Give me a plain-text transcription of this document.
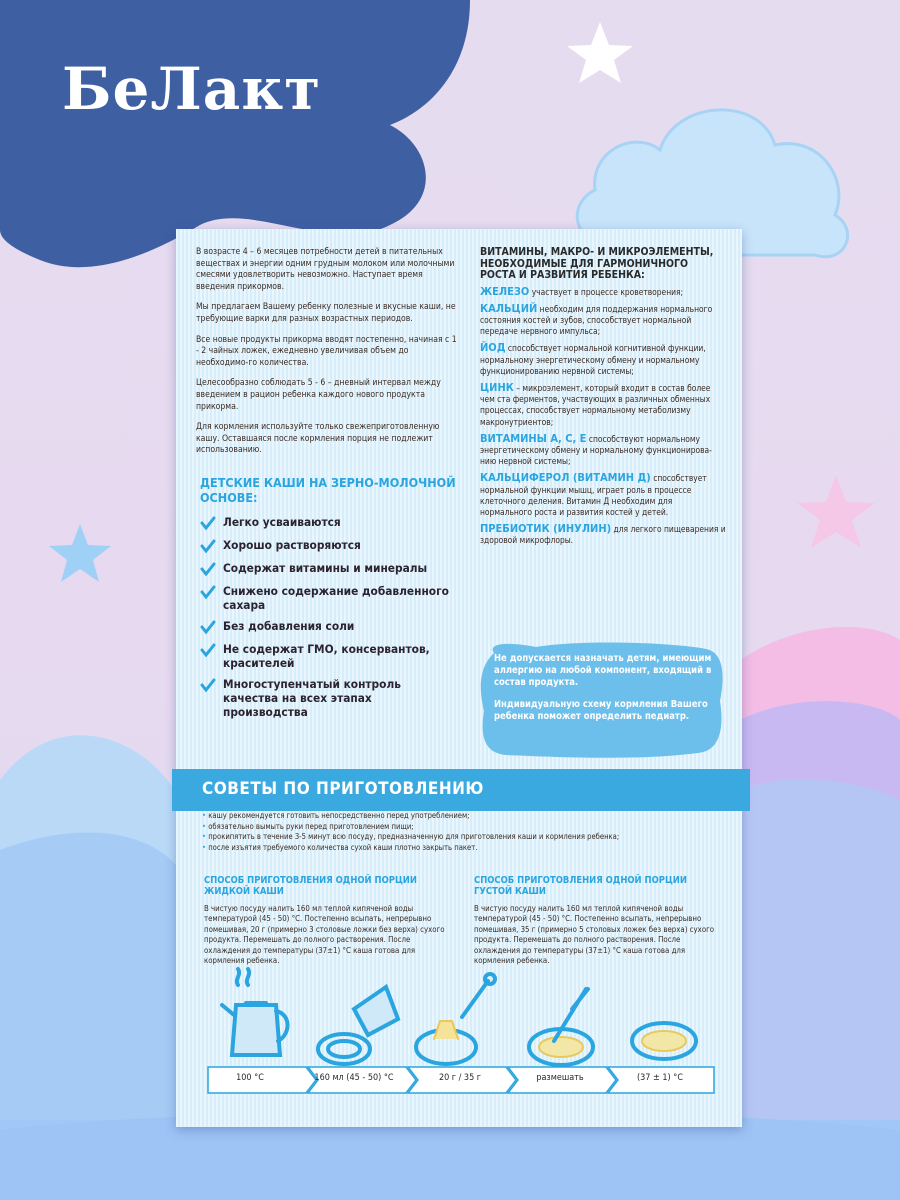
БеЛакт

В возрасте 4 – 6 месяцев потребности детей в питательных веществах и энергии одним грудным молоком или молочными смесями удовлетворить невозможно. Наступает время введения прикормов.

Мы предлагаем Вашему ребенку полезные и вкусные каши, не требующие варки для разных возрастных периодов.

Все новые продукты прикорма вводят постепенно, начиная с 1 - 2 чайных ложек, ежедневно увеличивая объем до необходимо-го количества.

Целесообразно соблюдать 5 - 6 – дневный интервал между введением в рацион ребенка каждого нового продукта прикорма.

Для кормления используйте только свежеприготовленную кашу. Оставшаяся после кормления порция не подлежит использованию.

ДЕТСКИЕ КАШИ НА ЗЕРНО-МОЛОЧНОЙ ОСНОВЕ:
Легко усваиваются
Хорошо растворяются
Содержат витамины и минералы
Снижено содержание добавленного сахара
Без добавления соли
Не содержат ГМО, консервантов, красителей
Многоступенчатый контроль качества на всех этапах производства
ВИТАМИНЫ, МАКРО- И МИКРОЭЛЕМЕНТЫ, НЕОБХОДИМЫЕ ДЛЯ ГАРМОНИЧНОГО РОСТА И РАЗВИТИЯ РЕБЕНКА:

ЖЕЛЕЗО участвует в процессе кроветворения;

КАЛЬЦИЙ необходим для поддержания нормального состояния костей и зубов, способствует нормальной передаче нервного импульса;

ЙОД способствует нормальной когнитивной функции, нормальному энергетическому обмену и нормальному функционированию нервной системы;

ЦИНК – микроэлемент, который входит в состав более чем ста ферментов, участвующих в различных обменных процессах, способствует нормальному метаболизму макронутриентов;

ВИТАМИНЫ А, С, Е способствуют нормальному энергетическому обмену и нормальному функционирова-нию нервной системы;

КАЛЬЦИФЕРОЛ (ВИТАМИН Д) способствует нормальной функции мышц, играет роль в процессе клеточного деления. Витамин Д необходим для нормального роста и развития костей у детей.

ПРЕБИОТИК (ИНУЛИН) для легкого пищеварения и здоровой микрофлоры.

Не допускается назначать детям, имеющим аллергию на любой компонент, входящий в состав продукта.

Индивидуальную схему кормления Вашего ребенка поможет определить педиатр.

СОВЕТЫ ПО ПРИГОТОВЛЕНИЮ
• кашу рекомендуется готовить непосредственно перед употреблением;
• обязательно вымыть руки перед приготовлением пищи;
• прокипятить в течение 3-5 минут всю посуду, предназначенную для приготовления каши и кормления ребенка;
• после изъятия требуемого количества сухой каши плотно закрыть пакет.
СПОСОБ ПРИГОТОВЛЕНИЯ ОДНОЙ ПОРЦИИ ЖИДКОЙ КАШИ

В чистую посуду налить 160 мл теплой кипяченой воды температурой (45 - 50) °С. Постепенно всыпать, непрерывно помешивая, 20 г (примерно 3 столовые ложки без верха) сухого продукта. Перемешать до полного растворения. После охлаждения до температуры (37±1) °С каша готова для кормления ребенка.

СПОСОБ ПРИГОТОВЛЕНИЯ ОДНОЙ ПОРЦИИ ГУСТОЙ КАШИ

В чистую посуду налить 160 мл теплой кипяченой воды температурой (45 - 50) °С. Постепенно всыпать, непрерывно помешивая, 35 г (примерно 5 столовых ложек без верха) сухого продукта. Перемешать до полного растворения. После охлаждения до температуры (37±1) °С каша готова для кормления ребенка.

100 °С	160 мл (45 - 50) °С	20 г / 35 г	размешать	(37 ± 1) °С
